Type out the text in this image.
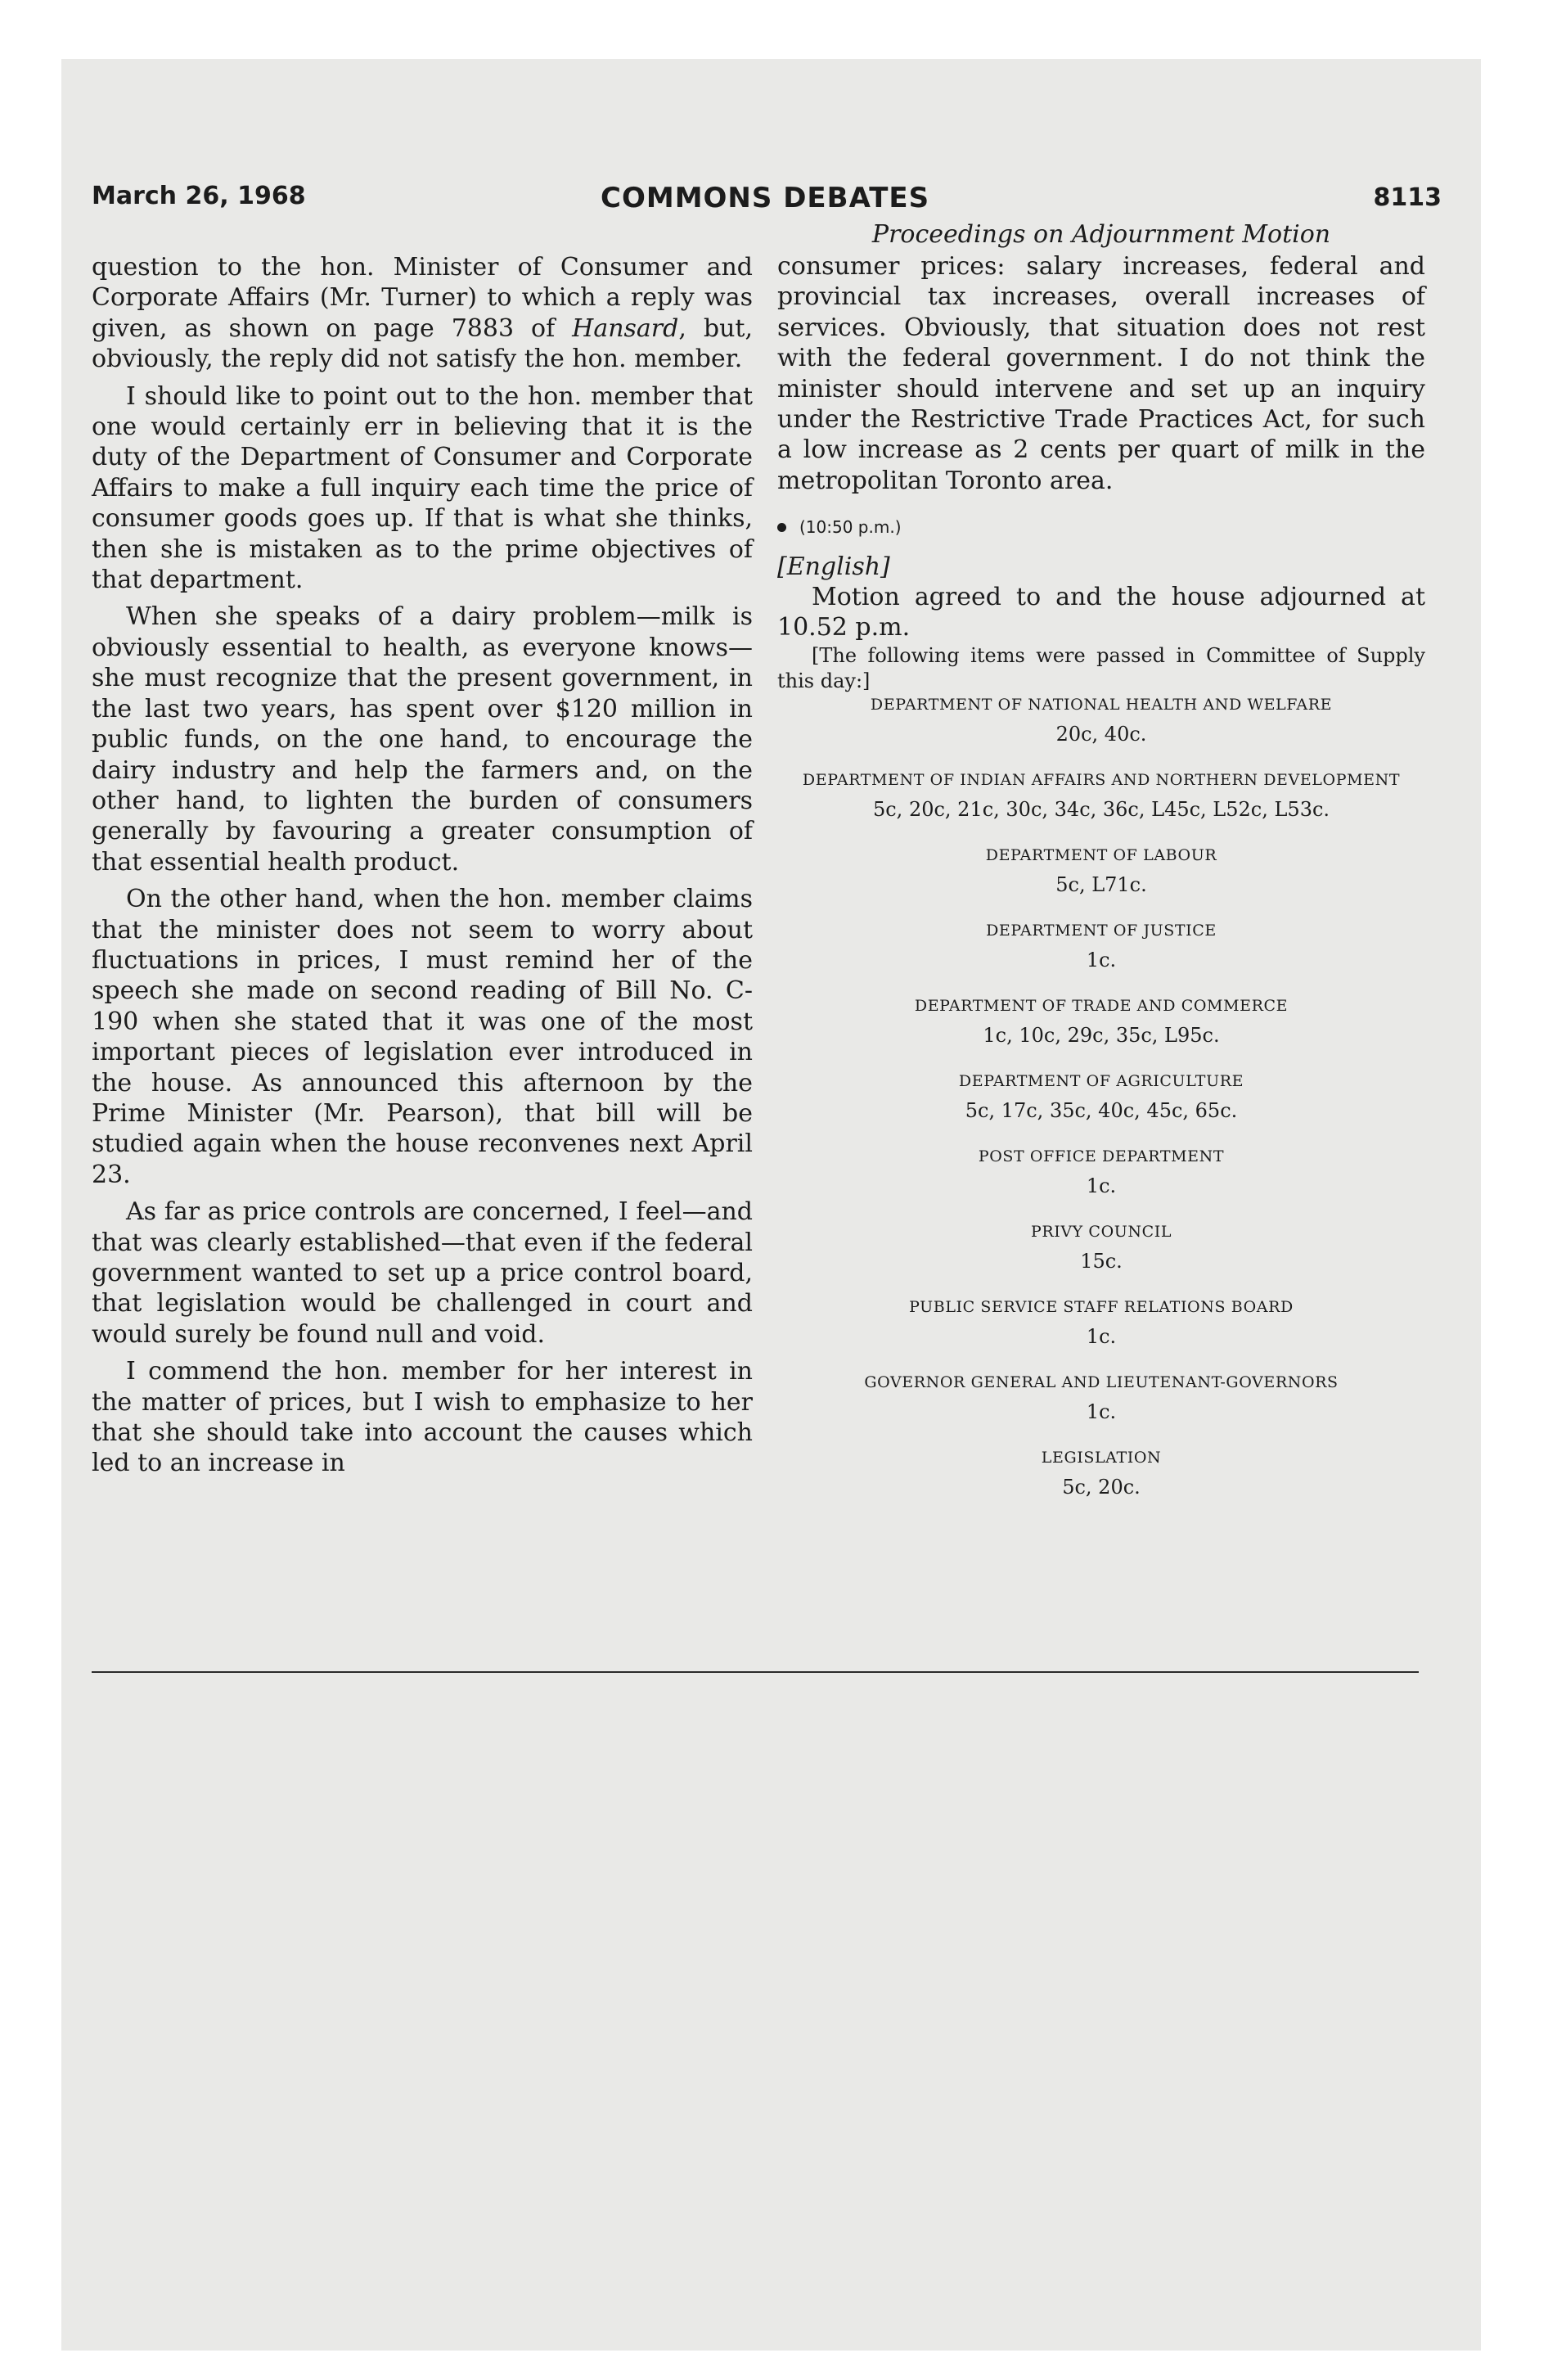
March 26, 1968	COMMONS DEBATES	8113

question to the hon. Minister of Consumer and Corporate Affairs (Mr. Turner) to which a reply was given, as shown on page 7883 of Hansard, but, obviously, the reply did not satisfy the hon. member.

I should like to point out to the hon. member that one would certainly err in believing that it is the duty of the Department of Consumer and Corporate Affairs to make a full inquiry each time the price of consumer goods goes up. If that is what she thinks, then she is mistaken as to the prime objectives of that department.

When she speaks of a dairy problem—milk is obviously essential to health, as everyone knows—she must recognize that the present government, in the last two years, has spent over $120 million in public funds, on the one hand, to encourage the dairy industry and help the farmers and, on the other hand, to lighten the burden of consumers generally by favouring a greater consumption of that essential health product.

On the other hand, when the hon. member claims that the minister does not seem to worry about fluctuations in prices, I must remind her of the speech she made on second reading of Bill No. C-190 when she stated that it was one of the most important pieces of legislation ever introduced in the house. As announced this afternoon by the Prime Minister (Mr. Pearson), that bill will be studied again when the house reconvenes next April 23.

As far as price controls are concerned, I feel—and that was clearly established—that even if the federal government wanted to set up a price control board, that legislation would be challenged in court and would surely be found null and void.

I commend the hon. member for her interest in the matter of prices, but I wish to emphasize to her that she should take into account the causes which led to an increase in

Proceedings on Adjournment Motion

consumer prices: salary increases, federal and provincial tax increases, overall increases of services. Obviously, that situation does not rest with the federal government. I do not think the minister should intervene and set up an inquiry under the Restrictive Trade Practices Act, for such a low increase as 2 cents per quart of milk in the metropolitan Toronto area.

(10:50 p.m.)

[English]

Motion agreed to and the house adjourned at 10.52 p.m.

[The following items were passed in Committee of Supply this day:]

DEPARTMENT OF NATIONAL HEALTH AND WELFARE
20c, 40c.
DEPARTMENT OF INDIAN AFFAIRS AND NORTHERN DEVELOPMENT
5c, 20c, 21c, 30c, 34c, 36c, L45c, L52c, L53c.
DEPARTMENT OF LABOUR
5c, L71c.
DEPARTMENT OF JUSTICE
1c.
DEPARTMENT OF TRADE AND COMMERCE
1c, 10c, 29c, 35c, L95c.
DEPARTMENT OF AGRICULTURE
5c, 17c, 35c, 40c, 45c, 65c.
POST OFFICE DEPARTMENT
1c.
PRIVY COUNCIL
15c.
PUBLIC SERVICE STAFF RELATIONS BOARD
1c.
GOVERNOR GENERAL AND LIEUTENANT-GOVERNORS
1c.
LEGISLATION
5c, 20c.
